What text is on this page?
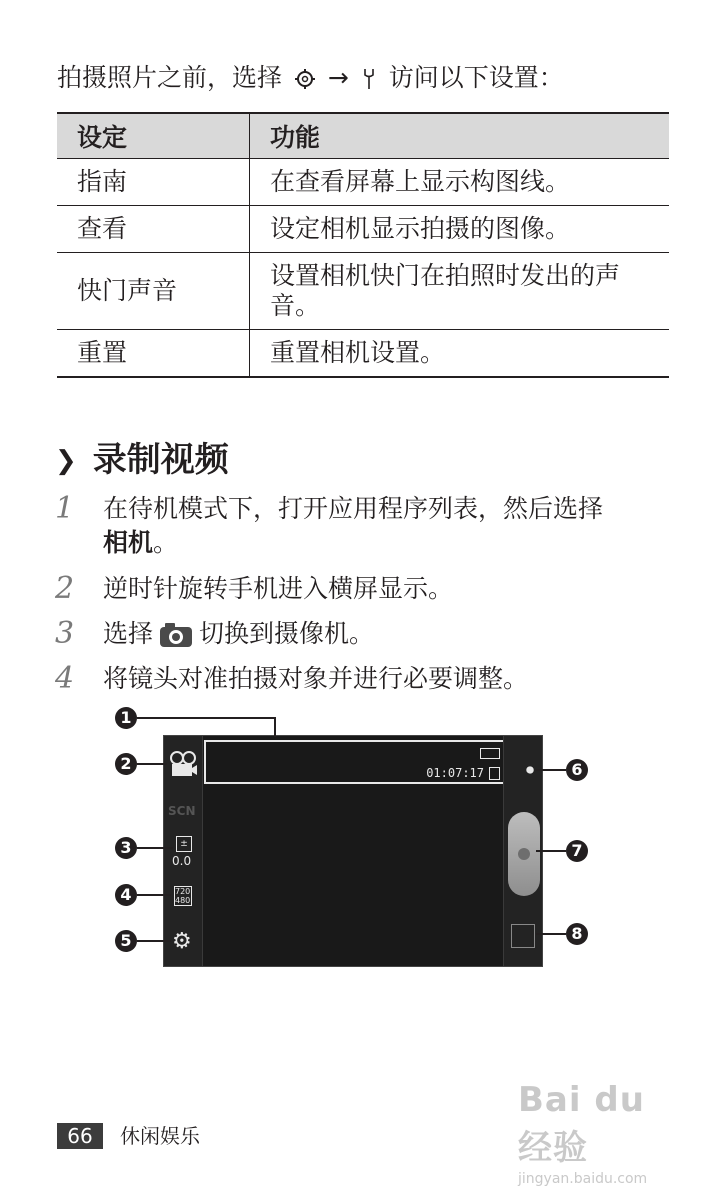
拍摄照片之前，选择 → 访问以下设置：
设定	功能
指南	在查看屏幕上显示构图线。
查看	设定相机显示拍摄的图像。
快门声音	设置相机快门在拍照时发出的声音。
重置	重置相机设置。
❯ 录制视频
1 在待机模式下，打开应用程序列表，然后选择
相机。
2 逆时针旋转手机进入横屏显示。
3 选择 切换到摄像机。
4 将镜头对准拍摄对象并进行必要调整。
SCN
±
0.0
720 480
⚙
01:07:17	⏺
1
2
3
4
5
6
7
8
66	休闲娱乐
Bai du 经验
jingyan.baidu.com
